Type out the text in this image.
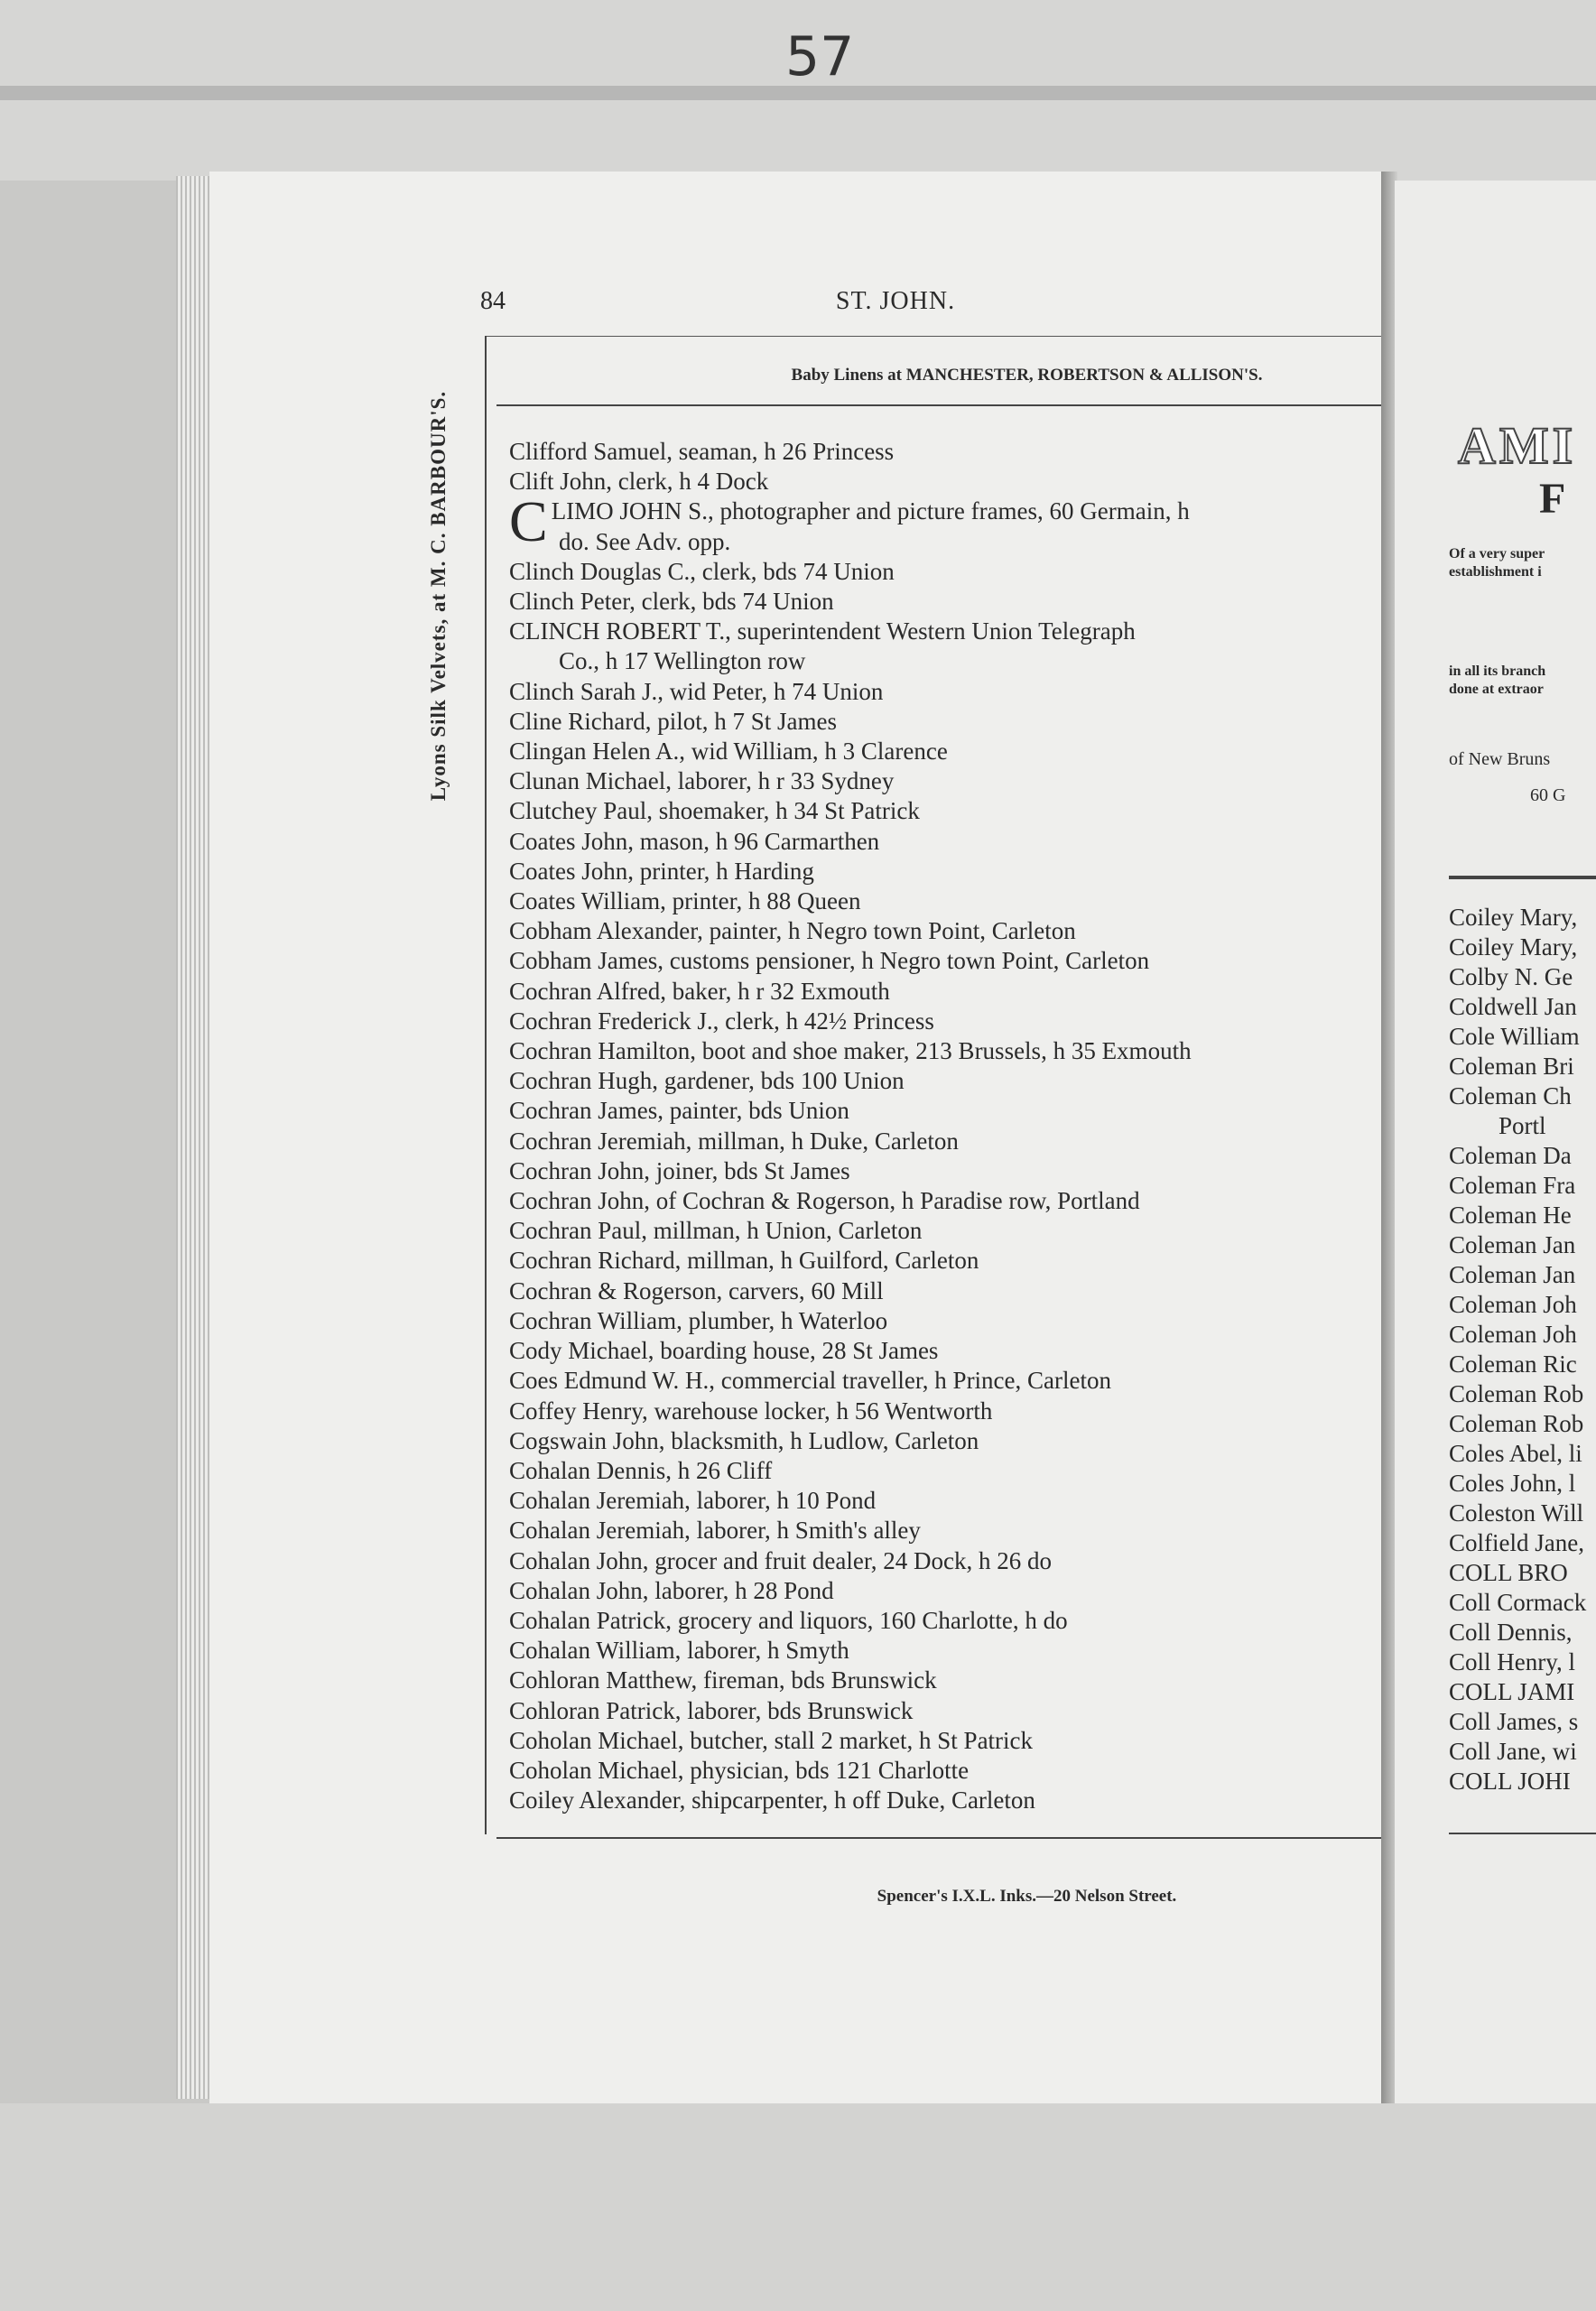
57
84	ST. JOHN.
Baby Linens at MANCHESTER, ROBERTSON & ALLISON'S.
Lyons Silk Velvets, at M. C. BARBOUR'S. Clifford Samuel, seaman, h 26 Princess
Clift John, clerk, h 4 Dock
CLIMO JOHN S., photographer and picture frames, 60 Germain, h
do. See Adv. opp.
Clinch Douglas C., clerk, bds 74 Union
Clinch Peter, clerk, bds 74 Union
CLINCH ROBERT T., superintendent Western Union Telegraph
Co., h 17 Wellington row
Clinch Sarah J., wid Peter, h 74 Union
Cline Richard, pilot, h 7 St James
Clingan Helen A., wid William, h 3 Clarence
Clunan Michael, laborer, h r 33 Sydney
Clutchey Paul, shoemaker, h 34 St Patrick
Coates John, mason, h 96 Carmarthen
Coates John, printer, h Harding
Coates William, printer, h 88 Queen
Cobham Alexander, painter, h Negro town Point, Carleton
Cobham James, customs pensioner, h Negro town Point, Carleton
Cochran Alfred, baker, h r 32 Exmouth
Cochran Frederick J., clerk, h 42½ Princess
Cochran Hamilton, boot and shoe maker, 213 Brussels, h 35 Exmouth
Cochran Hugh, gardener, bds 100 Union
Cochran James, painter, bds Union
Cochran Jeremiah, millman, h Duke, Carleton
Cochran John, joiner, bds St James
Cochran John, of Cochran & Rogerson, h Paradise row, Portland
Cochran Paul, millman, h Union, Carleton
Cochran Richard, millman, h Guilford, Carleton
Cochran & Rogerson, carvers, 60 Mill
Cochran William, plumber, h Waterloo
Cody Michael, boarding house, 28 St James
Coes Edmund W. H., commercial traveller, h Prince, Carleton
Coffey Henry, warehouse locker, h 56 Wentworth
Cogswain John, blacksmith, h Ludlow, Carleton
Cohalan Dennis, h 26 Cliff
Cohalan Jeremiah, laborer, h 10 Pond
Cohalan Jeremiah, laborer, h Smith's alley
Cohalan John, grocer and fruit dealer, 24 Dock, h 26 do
Cohalan John, laborer, h 28 Pond
Cohalan Patrick, grocery and liquors, 160 Charlotte, h do
Cohalan William, laborer, h Smyth
Cohloran Matthew, fireman, bds Brunswick
Cohloran Patrick, laborer, bds Brunswick
Coholan Michael, butcher, stall 2 market, h St Patrick
Coholan Michael, physician, bds 121 Charlotte
Coiley Alexander, shipcarpenter, h off Duke, Carleton
Spencer's I.X.L. Inks.—20 Nelson Street.
AMI
F
Of a very super
establishment i
in all its branch
done at extraor
of New Bruns
60 G
Coiley Mary,
Coiley Mary,
Colby N. Ge
Coldwell Jan
Cole William
Coleman Bri
Coleman Ch
Portl
Coleman Da
Coleman Fra
Coleman He
Coleman Jan
Coleman Jan
Coleman Joh
Coleman Joh
Coleman Ric
Coleman Rob
Coleman Rob
Coles Abel, li
Coles John, l
Coleston Will
Colfield Jane,
COLL BRO
Coll Cormack
Coll Dennis,
Coll Henry, l
COLL JAMI
Coll James, s
Coll Jane, wi
COLL JOHI
